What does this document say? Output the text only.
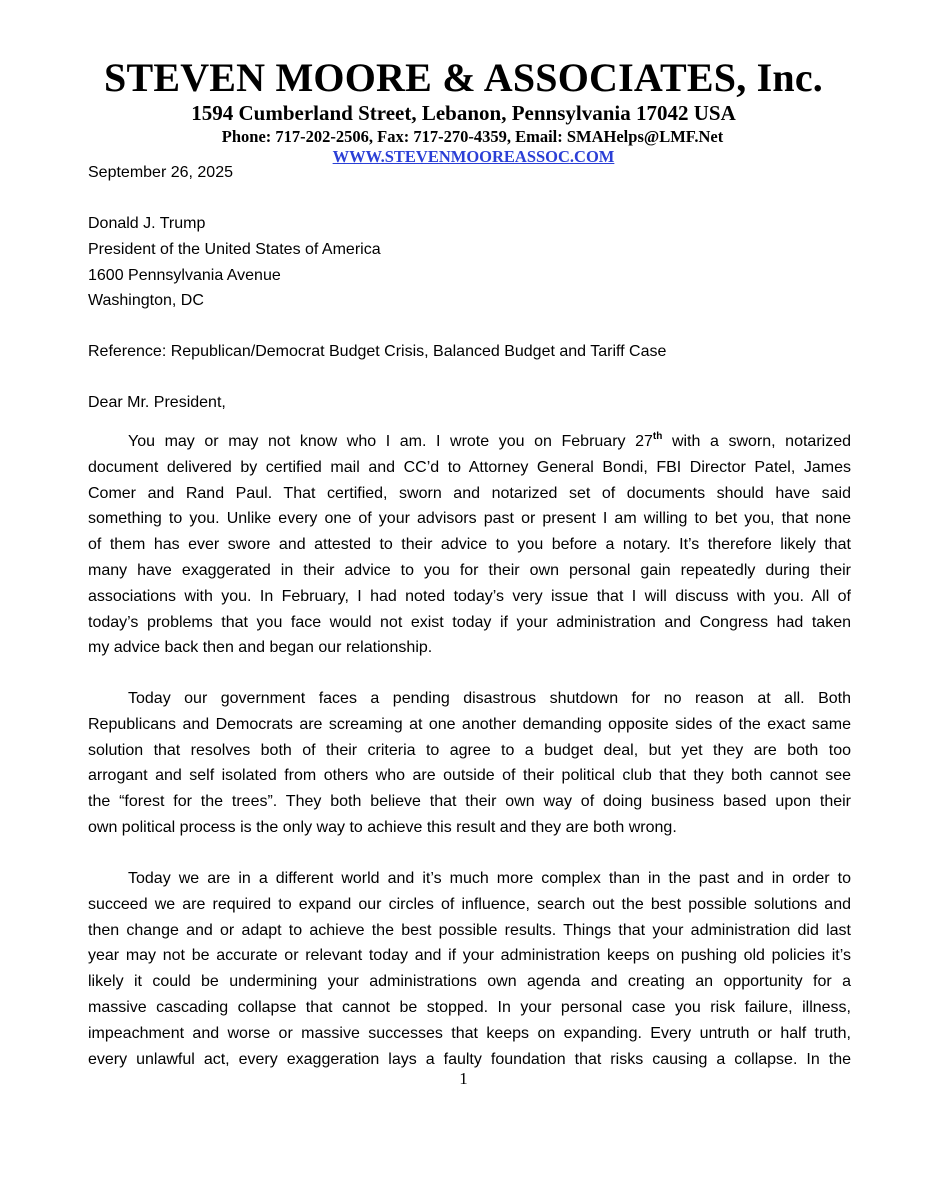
STEVEN MOORE & ASSOCIATES, Inc.
1594 Cumberland Street, Lebanon, Pennsylvania 17042 USA
Phone: 717-202-2506, Fax: 717-270-4359, Email: SMAHelps@LMF.Net
WWW.STEVENMOOREASSOC.COM
September 26, 2025
Donald J. Trump
President of the United States of America
1600 Pennsylvania Avenue
Washington, DC
Reference: Republican/Democrat Budget Crisis, Balanced Budget and Tariff Case
Dear Mr. President,
You may or may not know who I am. I wrote you on February 27th with a sworn, notarized
document delivered by certified mail and CC’d to Attorney General Bondi, FBI Director Patel, James
Comer and Rand Paul. That certified, sworn and notarized set of documents should have said
something to you. Unlike every one of your advisors past or present I am willing to bet you, that none
of them has ever swore and attested to their advice to you before a notary. It’s therefore likely that
many have exaggerated in their advice to you for their own personal gain repeatedly during their
associations with you. In February, I had noted today’s very issue that I will discuss with you. All of
today’s problems that you face would not exist today if your administration and Congress had taken
my advice back then and began our relationship.
Today our government faces a pending disastrous shutdown for no reason at all. Both
Republicans and Democrats are screaming at one another demanding opposite sides of the exact same
solution that resolves both of their criteria to agree to a budget deal, but yet they are both too
arrogant and self isolated from others who are outside of their political club that they both cannot see
the “forest for the trees”. They both believe that their own way of doing business based upon their
own political process is the only way to achieve this result and they are both wrong.
Today we are in a different world and it’s much more complex than in the past and in order to
succeed we are required to expand our circles of influence, search out the best possible solutions and
then change and or adapt to achieve the best possible results. Things that your administration did last
year may not be accurate or relevant today and if your administration keeps on pushing old policies it’s
likely it could be undermining your administrations own agenda and creating an opportunity for a
massive cascading collapse that cannot be stopped. In your personal case you risk failure, illness,
impeachment and worse or massive successes that keeps on expanding. Every untruth or half truth,
every unlawful act, every exaggeration lays a faulty foundation that risks causing a collapse. In the
1
